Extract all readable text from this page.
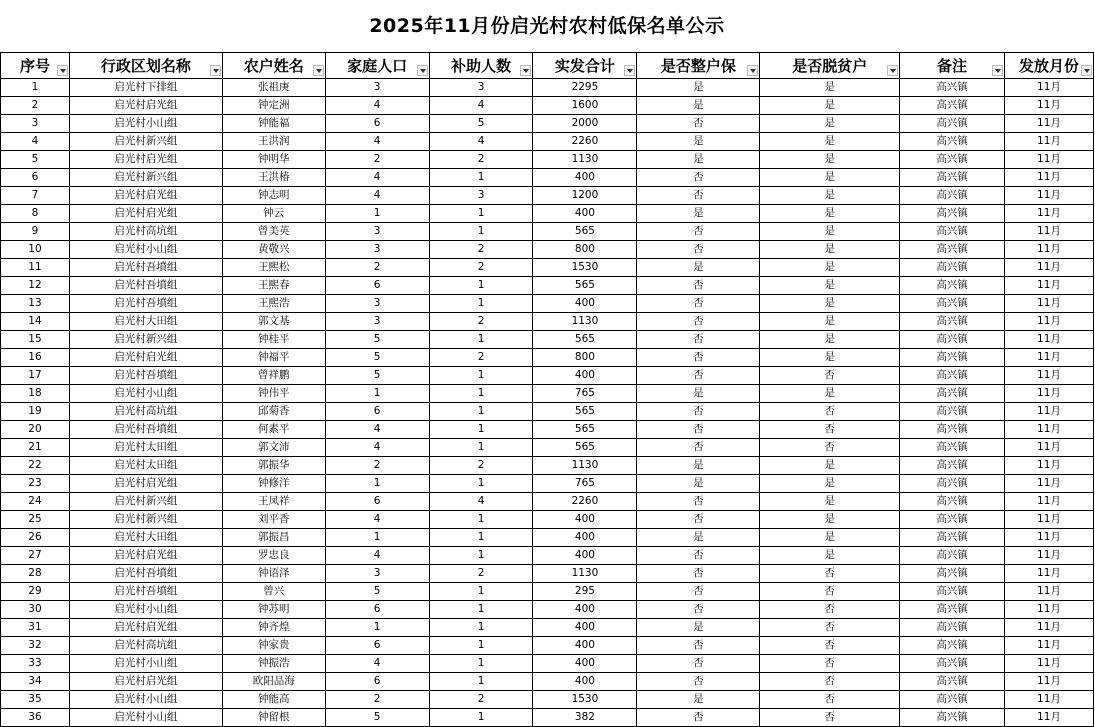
2025年11月份启光村农村低保名单公示
序号	行政区划名称	农户姓名	家庭人口	补助人数	实发合计	是否整户保	是否脱贫户	备注	发放月份

1	启光村下排组	张祖庚	3	3	2295	是	是	高兴镇	11月
2	启光村启光组	钟定洲	4	4	1600	是	是	高兴镇	11月
3	启光村小山组	钟能福	6	5	2000	否	是	高兴镇	11月
4	启光村新兴组	王洪润	4	4	2260	是	是	高兴镇	11月
5	启光村启光组	钟明华	2	2	1130	是	是	高兴镇	11月
6	启光村新兴组	王洪椿	4	1	400	否	是	高兴镇	11月
7	启光村启光组	钟志明	4	3	1200	否	是	高兴镇	11月
8	启光村启光组	钟云	1	1	400	是	是	高兴镇	11月
9	启光村高坑组	曾美英	3	1	565	否	是	高兴镇	11月
10	启光村小山组	黄敬兴	3	2	800	否	是	高兴镇	11月
11	启光村吾墳组	王熙松	2	2	1530	是	是	高兴镇	11月
12	启光村吾墳组	王熙春	6	1	565	否	是	高兴镇	11月
13	启光村吾墳组	王熙浩	3	1	400	否	是	高兴镇	11月
14	启光村大田组	郭文基	3	2	1130	否	是	高兴镇	11月
15	启光村新兴组	钟桂平	5	1	565	否	是	高兴镇	11月
16	启光村启光组	钟福平	5	2	800	否	是	高兴镇	11月
17	启光村吾墳组	曾祥鹏	5	1	400	否	否	高兴镇	11月
18	启光村小山组	钟伟平	1	1	765	是	是	高兴镇	11月
19	启光村高坑组	邱菊香	6	1	565	否	否	高兴镇	11月
20	启光村吾墳组	何素平	4	1	565	否	否	高兴镇	11月
21	启光村太田组	郭文沛	4	1	565	否	否	高兴镇	11月
22	启光村太田组	郭振华	2	2	1130	是	是	高兴镇	11月
23	启光村启光组	钟修洋	1	1	765	是	是	高兴镇	11月
24	启光村新兴组	王凤祥	6	4	2260	否	是	高兴镇	11月
25	启光村新兴组	刘平香	4	1	400	否	是	高兴镇	11月
26	启光村大田组	郭振昌	1	1	400	是	是	高兴镇	11月
27	启光村启光组	罗忠良	4	1	400	否	是	高兴镇	11月
28	启光村吾墳组	钟语泽	3	2	1130	否	否	高兴镇	11月
29	启光村吾墳组	曾兴	5	1	295	否	否	高兴镇	11月
30	启光村小山组	钟苏明	6	1	400	否	否	高兴镇	11月
31	启光村启光组	钟齐煌	1	1	400	是	否	高兴镇	11月
32	启光村高坑组	钟家贵	6	1	400	否	否	高兴镇	11月
33	启光村小山组	钟振浩	4	1	400	否	否	高兴镇	11月
34	启光村启光组	欧阳品海	6	1	400	否	否	高兴镇	11月
35	启光村小山组	钟能高	2	2	1530	是	否	高兴镇	11月
36	启光村小山组	钟留根	5	1	382	否	否	高兴镇	11月
